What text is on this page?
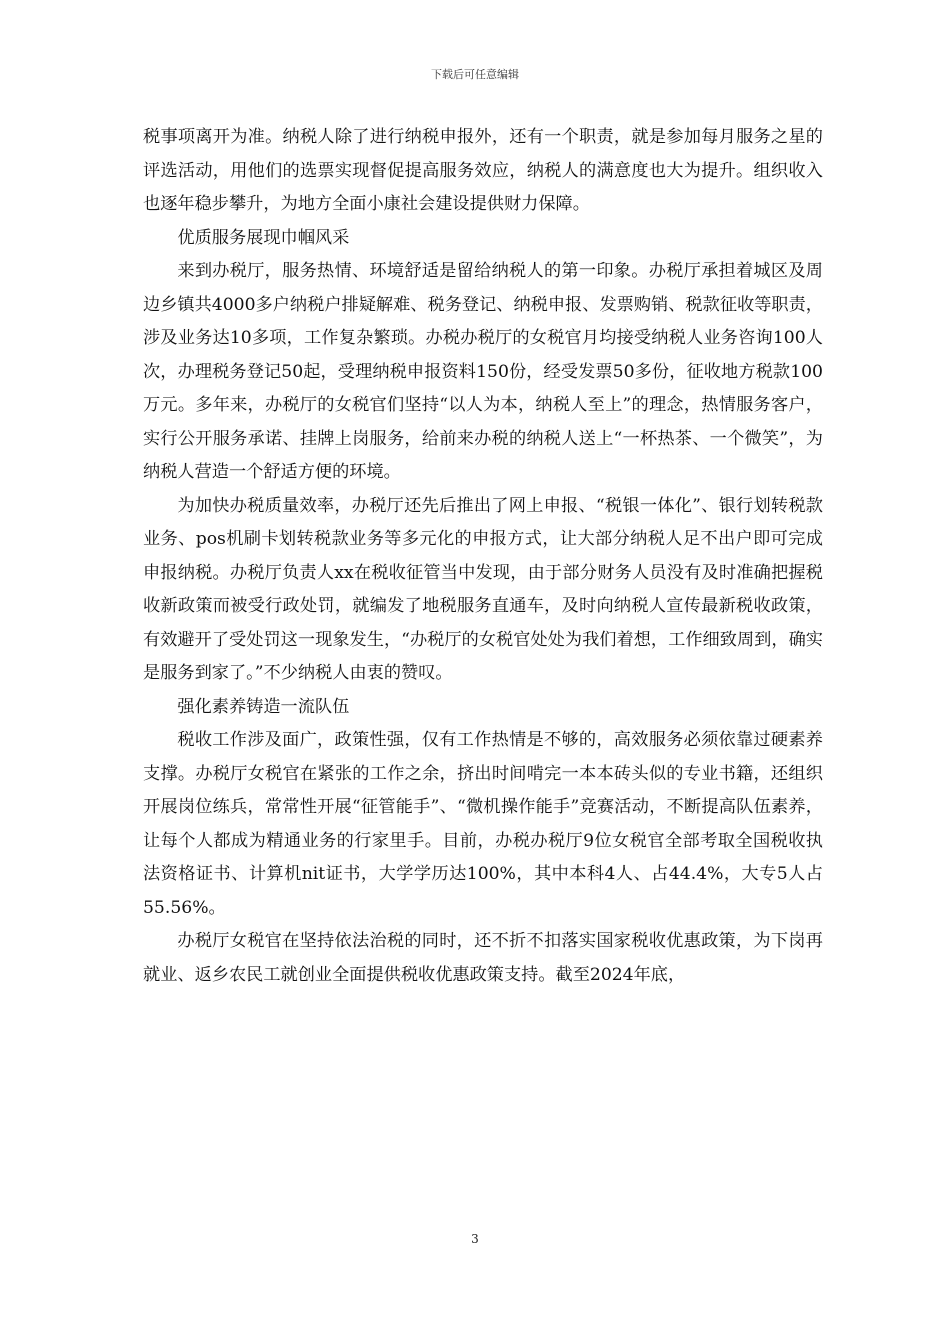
下载后可任意编辑

税事项离开为准。纳税人除了进行纳税申报外，还有一个职责，就是参加每月服务之星的评选活动，用他们的选票实现督促提高服务效应，纳税人的满意度也大为提升。组织收入也逐年稳步攀升，为地方全面小康社会建设提供财力保障。

优质服务展现巾帼风采

来到办税厅，服务热情、环境舒适是留给纳税人的第一印象。办税厅承担着城区及周边乡镇共4000多户纳税户排疑解难、税务登记、纳税申报、发票购销、税款征收等职责，涉及业务达10多项，工作复杂繁琐。办税办税厅的女税官月均接受纳税人业务咨询100人次，办理税务登记50起，受理纳税申报资料150份，经受发票50多份，征收地方税款100万元。多年来，办税厅的女税官们坚持“以人为本，纳税人至上”的理念，热情服务客户，实行公开服务承诺、挂牌上岗服务，给前来办税的纳税人送上“一杯热茶、一个微笑”，为纳税人营造一个舒适方便的环境。

为加快办税质量效率，办税厅还先后推出了网上申报、“税银一体化”、银行划转税款业务、pos机刷卡划转税款业务等多元化的申报方式，让大部分纳税人足不出户即可完成申报纳税。办税厅负责人xx在税收征管当中发现，由于部分财务人员没有及时准确把握税收新政策而被受行政处罚，就编发了地税服务直通车，及时向纳税人宣传最新税收政策，有效避开了受处罚这一现象发生，“办税厅的女税官处处为我们着想，工作细致周到，确实是服务到家了。”不少纳税人由衷的赞叹。

强化素养铸造一流队伍

税收工作涉及面广，政策性强，仅有工作热情是不够的，高效服务必须依靠过硬素养支撑。办税厅女税官在紧张的工作之余，挤出时间啃完一本本砖头似的专业书籍，还组织开展岗位练兵，常常性开展“征管能手”、“微机操作能手”竞赛活动，不断提高队伍素养，让每个人都成为精通业务的行家里手。目前，办税办税厅9位女税官全部考取全国税收执法资格证书、计算机nit证书，大学学历达100%，其中本科4人、占44.4%，大专5人占55.56%。

办税厅女税官在坚持依法治税的同时，还不折不扣落实国家税收优惠政策，为下岗再就业、返乡农民工就创业全面提供税收优惠政策支持。截至2024年底，

3
